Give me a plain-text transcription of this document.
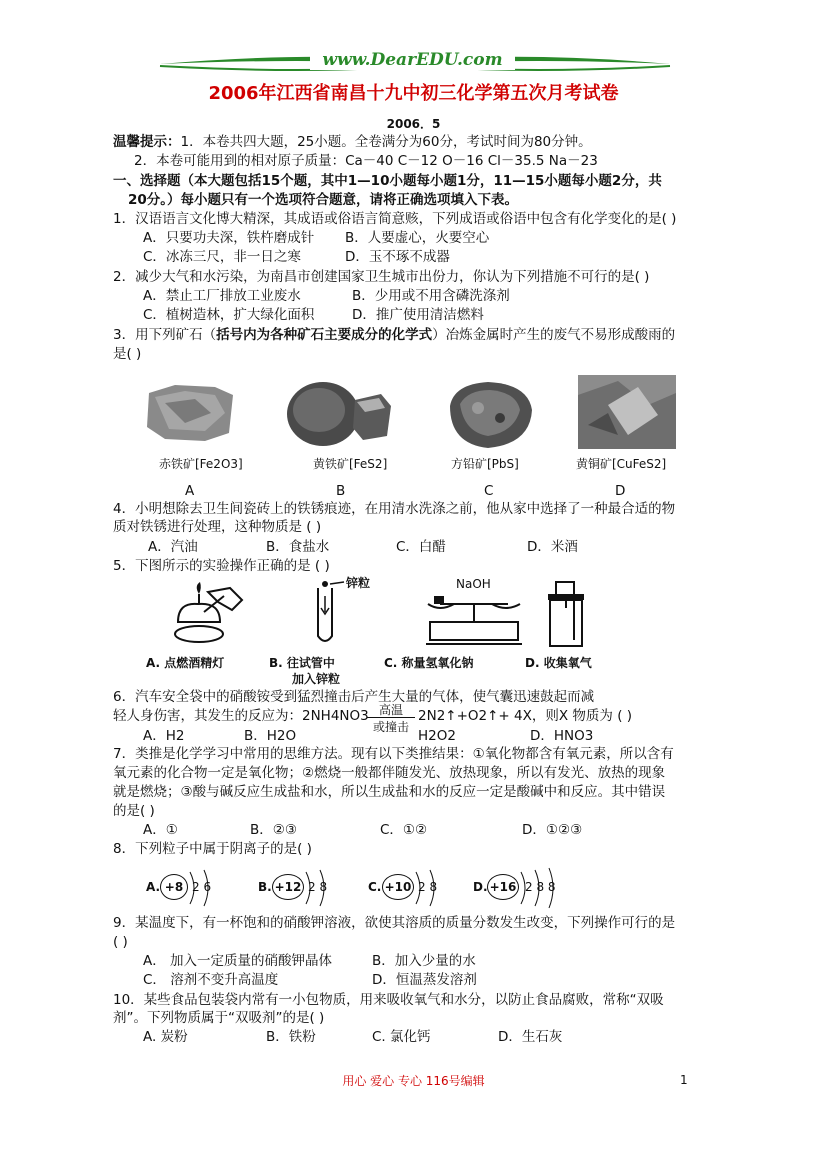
www.DearEDU.com
2006年江西省南昌十九中初三化学第五次月考试卷
2006．5
温馨提示：1．本卷共四大题，25小题。全卷满分为60分，考试时间为80分钟。
2．本卷可能用到的相对原子质量：Ca－40 C－12 O－16 Cl－35.5 Na－23
一、选择题（本大题包括15个题，其中1—10小题每小题1分，11—15小题每小题2分，共
20分。）每小题只有一个选项符合题意，请将正确选项填入下表。
1．汉语语言文化博大精深，其成语或俗语言简意赅，下列成语或俗语中包含有化学变化的是( )
A．只要功夫深，铁杵磨成针 B．人要虚心，火要空心
C．冰冻三尺，非一日之寒	D．玉不琢不成器
2．减少大气和水污染，为南昌市创建国家卫生城市出份力，你认为下列措施不可行的是( )
A．禁止工厂排放工业废水	B．少用或不用含磷洗涤剂
C．植树造林，扩大绿化面积	D．推广使用清洁燃料
3．用下列矿石（括号内为各种矿石主要成分的化学式）冶炼金属时产生的废气不易形成酸雨的
是( )
赤铁矿[Fe2O3]	黄铁矿[FeS2]	方铅矿[PbS]	黄铜矿[CuFeS2]
A	B	C	D
4．小明想除去卫生间瓷砖上的铁锈痕迹，在用清水洗涤之前，他从家中选择了一种最合适的物
质对铁锈进行处理，这种物质是 ( )
A．汽油	B．食盐水	C．白醋	D．米酒
5．下图所示的实验操作正确的是 ( )
锌粒	NaOH
A. 点燃酒精灯	B. 往试管中
加入锌粒
C. 称量氢氧化钠	D. 收集氧气
6．汽车安全袋中的硝酸铵受到猛烈撞击后产生大量的气体，使气囊迅速鼓起而减
轻人身伤害，其发生的反应为：2NH4NO3 高温
或撞击
2N2↑+O2↑+ 4X，则X 物质为 ( )
A．H2	B．H2O	H2O2	D．HNO3
7．类推是化学学习中常用的思维方法。现有以下类推结果：①氧化物都含有氧元素，所以含有
氧元素的化合物一定是氧化物；②燃烧一般都伴随发光、放热现象，所以有发光、放热的现象
就是燃烧；③酸与碱反应生成盐和水，所以生成盐和水的反应一定是酸碱中和反应。其中错误
的是( )
A．①	B．②③	C．①②	D．①②③
8．下列粒子中属于阴离子的是( )
A. +8 2 6	B. +12 2 8	C. +10 2 8	D. +16 2 8 8
9．某温度下，有一杯饱和的硝酸钾溶液，欲使其溶质的质量分数发生改变，下列操作可行的是
( )
A． 加入一定质量的硝酸钾晶体	B．加入少量的水
C． 溶剂不变升高温度	D．恒温蒸发溶剂
10．某些食品包装袋内常有一小包物质，用来吸收氧气和水分，以防止食品腐败，常称“双吸
剂”。下列物质属于“双吸剂”的是( )
A. 炭粉	B．铁粉	C. 氯化钙	D．生石灰
用心 爱心 专心 116号编辑	1
